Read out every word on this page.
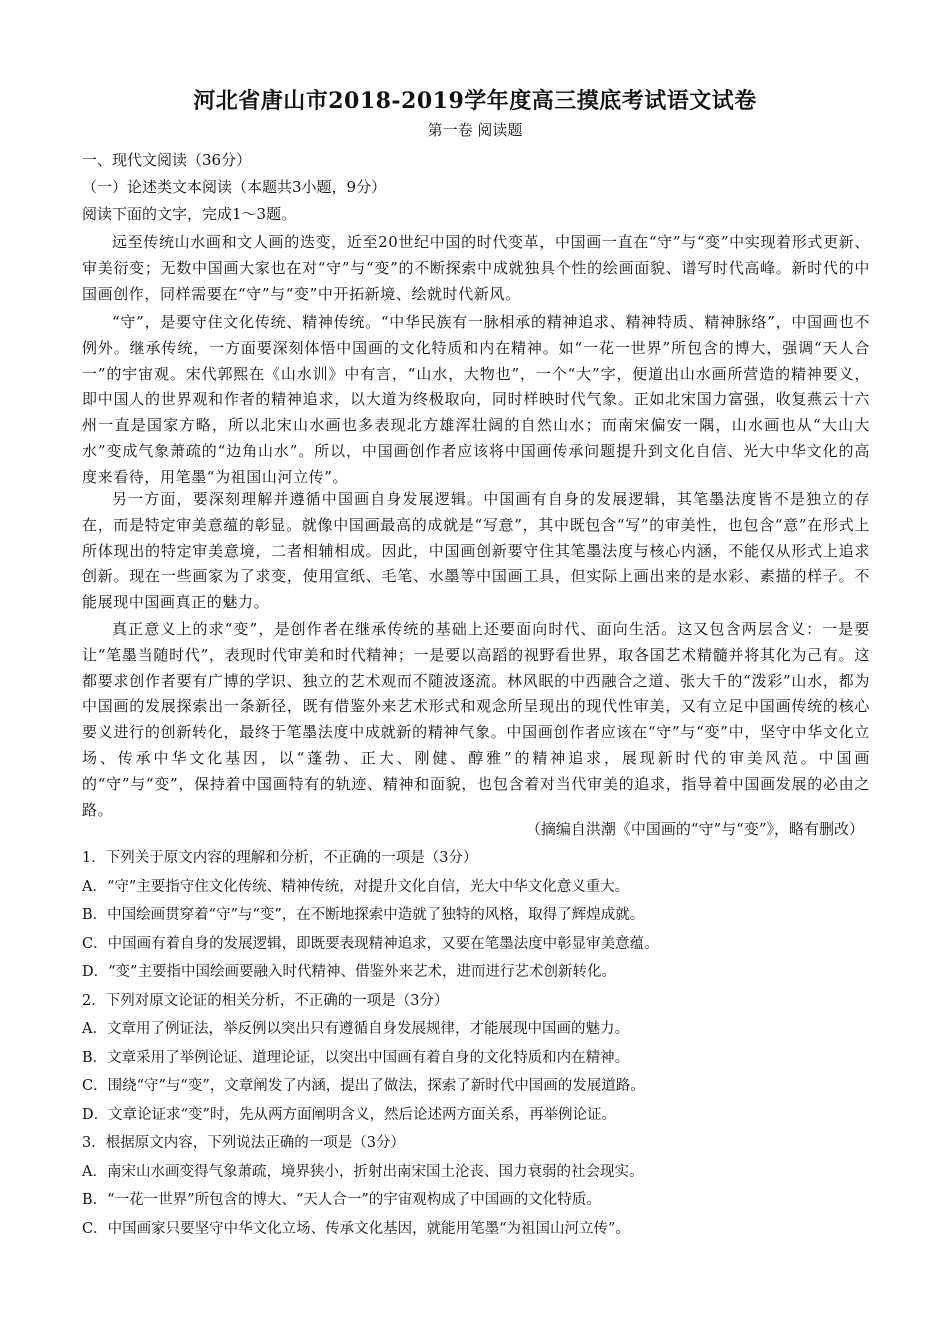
河北省唐山市2018-2019学年度高三摸底考试语文试卷
第一卷 阅读题
一、现代文阅读（36分）
（一）论述类文本阅读（本题共3小题，9分）
阅读下面的文字，完成1～3题。
远至传统山水画和文人画的迭变，近至20世纪中国的时代变革，中国画一直在“守”与“变”中实现着形式更新、审美衍变；无数中国画大家也在对“守”与“变”的不断探索中成就独具个性的绘画面貌、谱写时代高峰。新时代的中国画创作，同样需要在“守”与“变”中开拓新境、绘就时代新风。
“守”，是要守住文化传统、精神传统。“中华民族有一脉相承的精神追求、精神特质、精神脉络”，中国画也不例外。继承传统，一方面要深刻体悟中国画的文化特质和内在精神。如“一花一世界”所包含的博大，强调“天人合一”的宇宙观。宋代郭熙在《山水训》中有言，“山水，大物也”，一个“大”字，便道出山水画所营造的精神要义，即中国人的世界观和作者的精神追求，以大道为终极取向，同时样映时代气象。正如北宋国力富强，收复燕云十六州一直是国家方略，所以北宋山水画也多表现北方雄浑壮阔的自然山水；而南宋偏安一隅，山水画也从“大山大水”变成气象萧疏的“边角山水”。所以，中国画创作者应该将中国画传承问题提升到文化自信、光大中华文化的高度来看待，用笔墨“为祖国山河立传”。
另一方面，要深刻理解并遵循中国画自身发展逻辑。中国画有自身的发展逻辑，其笔墨法度皆不是独立的存在，而是特定审美意蕴的彰显。就像中国画最高的成就是“写意”，其中既包含“写”的审美性，也包含“意”在形式上所体现出的特定审美意境，二者相辅相成。因此，中国画创新要守住其笔墨法度与核心内涵，不能仅从形式上追求创新。现在一些画家为了求变，使用宣纸、毛笔、水墨等中国画工具，但实际上画出来的是水彩、素描的样子。不能展现中国画真正的魅力。
真正意义上的求“变”，是创作者在继承传统的基础上还要面向时代、面向生活。这又包含两层含义：一是要让“笔墨当随时代”，表现时代审美和时代精神；一是要以高蹈的视野看世界，取各国艺术精髓并将其化为己有。这都要求创作者要有广博的学识、独立的艺术观而不随波逐流。林风眠的中西融合之道、张大千的“泼彩”山水，都为中国画的发展探索出一条新径，既有借鉴外来艺术形式和观念所呈现出的现代性审美，又有立足中国画传统的核心要义进行的创新转化，最终于笔墨法度中成就新的精神气象。中国画创作者应该在“守”与“变”中，坚守中华文化立场、传承中华文化基因，以“蓬勃、正大、刚健、醇雅”的精神追求，展现新时代的审美风范。中国画的“守”与“变”，保持着中国画特有的轨迹、精神和面貌，也包含着对当代审美的追求，指导着中国画发展的必由之路。
（摘编自洪潮《中国画的“守”与“变”》，略有删改）
1．下列关于原文内容的理解和分析，不正确的一项是（3分）
A．“守”主要指守住文化传统、精神传统，对提升文化自信，光大中华文化意义重大。
B．中国绘画贯穿着“守”与“变”，在不断地探索中造就了独特的风格，取得了辉煌成就。
C．中国画有着自身的发展逻辑，即既要表现精神追求，又要在笔墨法度中彰显审美意蕴。
D．“变”主要指中国绘画要融入时代精神、借鉴外来艺术，进而进行艺术创新转化。
2．下列对原文论证的相关分析，不正确的一项是（3分）
A．文章用了例证法，举反例以突出只有遵循自身发展规律，才能展现中国画的魅力。
B．文章采用了举例论证、道理论证，以突出中国画有着自身的文化特质和内在精神。
C．围绕“守”与“变”，文章阐发了内涵，提出了做法，探索了新时代中国画的发展道路。
D．文章论证求“变”时，先从两方面阐明含义，然后论述两方面关系，再举例论证。
3．根据原文内容，下列说法正确的一项是（3分）
A．南宋山水画变得气象萧疏，境界狭小，折射出南宋国土沦丧、国力衰弱的社会现实。
B．“一花一世界”所包含的博大、“天人合一”的宇宙观构成了中国画的文化特质。
C．中国画家只要坚守中华文化立场、传承文化基因，就能用笔墨“为祖国山河立传”。
